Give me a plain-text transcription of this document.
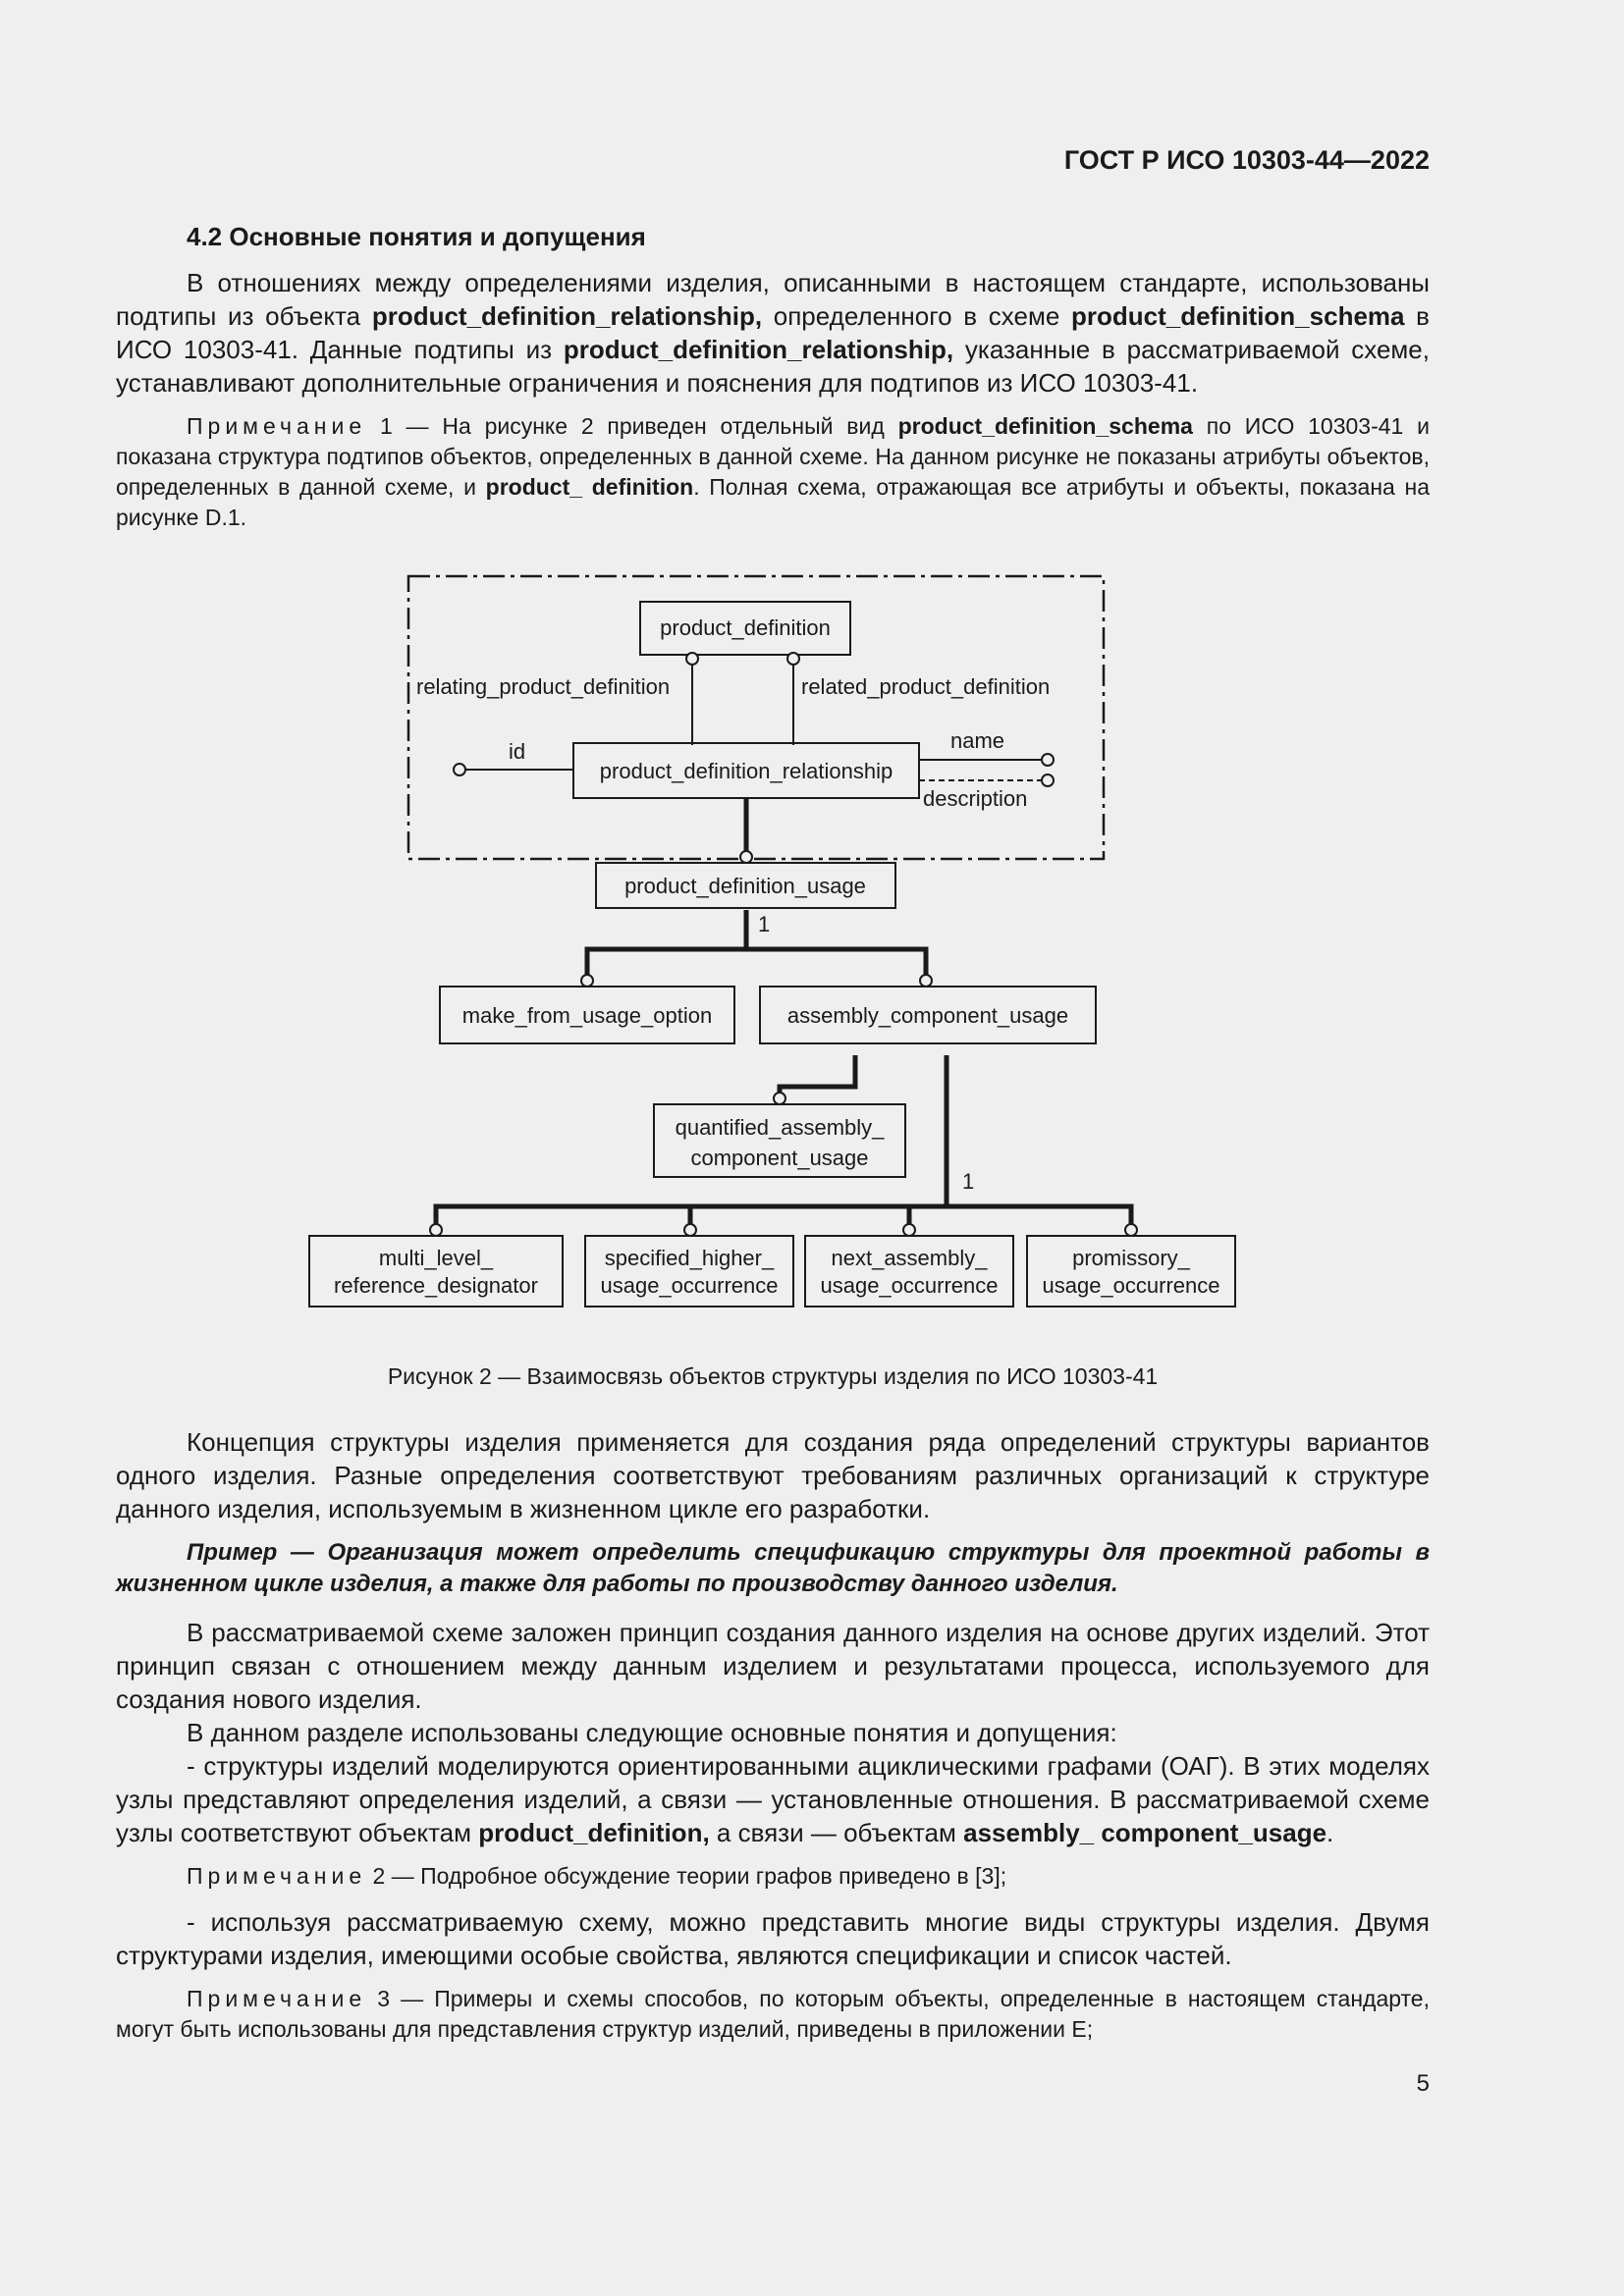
ГОСТ Р ИСО 10303-44—2022

4.2 Основные понятия и допущения

В отношениях между определениями изделия, описанными в настоящем стандарте, использованы подтипы из объекта product_definition_relationship, определенного в схеме product_definition_schema в ИСО 10303-41. Данные подтипы из product_definition_relationship, указанные в рассматриваемой схеме, устанавливают дополнительные ограничения и пояснения для подтипов из ИСО 10303-41.

Примечание 1 — На рисунке 2 приведен отдельный вид product_definition_schema по ИСО 10303-41 и показана структура подтипов объектов, определенных в данной схеме. На данном рисунке не показаны атрибуты объектов, определенных в данной схеме, и product_ definition. Полная схема, отражающая все атрибуты и объекты, показана на рисунке D.1.

product_definition
product_definition_relationship
product_definition_usage
make_from_usage_option	assembly_component_usage
quantified_assembly_
component_usage
multi_level_
reference_designator
specified_higher_
usage_occurrence
next_assembly_
usage_occurrence
promissory_
usage_occurrence
relating_product_definition	related_product_definition
id	name
description
1
1

Рисунок 2 — Взаимосвязь объектов структуры изделия по ИСО 10303-41

Концепция структуры изделия применяется для создания ряда определений структуры вариантов одного изделия. Разные определения соответствуют требованиям различных организаций к структуре данного изделия, используемым в жизненном цикле его разработки.

Пример — Организация может определить спецификацию структуры для проектной работы в жизненном цикле изделия, а также для работы по производству данного изделия.

В рассматриваемой схеме заложен принцип создания данного изделия на основе других изделий. Этот принцип связан с отношением между данным изделием и результатами процесса, используемого для создания нового изделия.

В данном разделе использованы следующие основные понятия и допущения:

- структуры изделий моделируются ориентированными ациклическими графами (ОАГ). В этих моделях узлы представляют определения изделий, а связи — установленные отношения. В рассматриваемой схеме узлы соответствуют объектам product_definition, а связи — объектам assembly_ component_usage.

Примечание 2 — Подробное обсуждение теории графов приведено в [3];

- используя рассматриваемую схему, можно представить многие виды структуры изделия. Двумя структурами изделия, имеющими особые свойства, являются спецификации и список частей.

Примечание 3 — Примеры и схемы способов, по которым объекты, определенные в настоящем стандарте, могут быть использованы для представления структур изделий, приведены в приложении Е;

5
